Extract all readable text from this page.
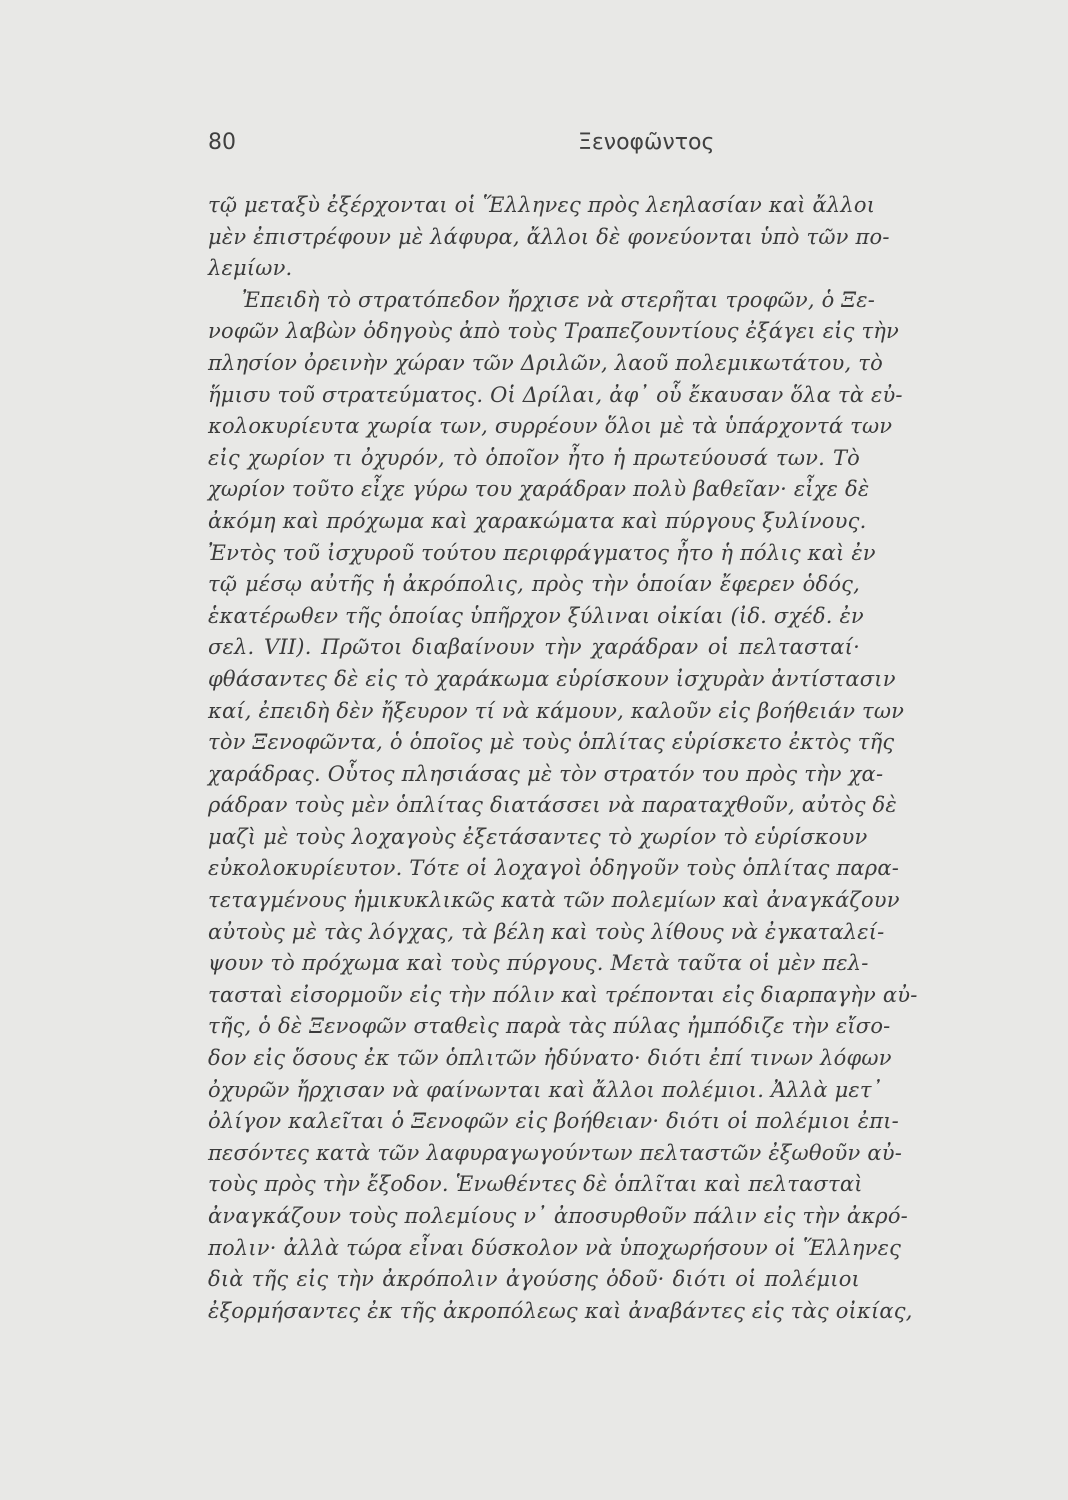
80	Ξενοφῶντος
τῷ μεταξὺ ἐξέρχονται οἱ Ἕλληνες πρὸς λεηλασίαν καὶ ἄλλοι
μὲν ἐπιστρέφουν μὲ λάφυρα, ἄλλοι δὲ φονεύονται ὑπὸ τῶν πο-
λεμίων.
Ἐπειδὴ τὸ στρατόπεδον ἤρχισε νὰ στερῆται τροφῶν, ὁ Ξε-
νοφῶν λαβὼν ὁδηγοὺς ἀπὸ τοὺς Τραπεζουντίους ἐξάγει εἰς τὴν
πλησίον ὀρεινὴν χώραν τῶν Δριλῶν, λαοῦ πολεμικωτάτου, τὸ
ἥμισυ τοῦ στρατεύματος. Οἱ Δρίλαι, ἀφ᾿ οὗ ἔκαυσαν ὅλα τὰ εὐ-
κολοκυρίευτα χωρία των, συρρέουν ὅλοι μὲ τὰ ὑπάρχοντά των
εἰς χωρίον τι ὀχυρόν, τὸ ὁποῖον ἦτο ἡ πρωτεύουσά των. Τὸ
χωρίον τοῦτο εἶχε γύρω του χαράδραν πολὺ βαθεῖαν· εἶχε δὲ
ἀκόμη καὶ πρόχωμα καὶ χαρακώματα καὶ πύργους ξυλίνους.
Ἐντὸς τοῦ ἰσχυροῦ τούτου περιφράγματος ἦτο ἡ πόλις καὶ ἐν
τῷ μέσῳ αὐτῆς ἡ ἀκρόπολις, πρὸς τὴν ὁποίαν ἔφερεν ὁδός,
ἑκατέρωθεν τῆς ὁποίας ὑπῆρχον ξύλιναι οἰκίαι (ἰδ. σχέδ. ἐν
σελ. VII). Πρῶτοι διαβαίνουν τὴν χαράδραν οἱ πελτασταί·
φθάσαντες δὲ εἰς τὸ χαράκωμα εὑρίσκουν ἰσχυρὰν ἀντίστασιν
καί, ἐπειδὴ δὲν ἤξευρον τί νὰ κάμουν, καλοῦν εἰς βοήθειάν των
τὸν Ξενοφῶντα, ὁ ὁποῖος μὲ τοὺς ὁπλίτας εὑρίσκετο ἐκτὸς τῆς
χαράδρας. Οὗτος πλησιάσας μὲ τὸν στρατόν του πρὸς τὴν χα-
ράδραν τοὺς μὲν ὁπλίτας διατάσσει νὰ παραταχθοῦν, αὐτὸς δὲ
μαζὶ μὲ τοὺς λοχαγοὺς ἐξετάσαντες τὸ χωρίον τὸ εὑρίσκουν
εὐκολοκυρίευτον. Τότε οἱ λοχαγοὶ ὁδηγοῦν τοὺς ὁπλίτας παρα-
τεταγμένους ἡμικυκλικῶς κατὰ τῶν πολεμίων καὶ ἀναγκάζουν
αὐτοὺς μὲ τὰς λόγχας, τὰ βέλη καὶ τοὺς λίθους νὰ ἐγκαταλεί-
ψουν τὸ πρόχωμα καὶ τοὺς πύργους. Μετὰ ταῦτα οἱ μὲν πελ-
τασταὶ εἰσορμοῦν εἰς τὴν πόλιν καὶ τρέπονται εἰς διαρπαγὴν αὐ-
τῆς, ὁ δὲ Ξενοφῶν σταθεὶς παρὰ τὰς πύλας ἠμπόδιζε τὴν εἴσο-
δον εἰς ὅσους ἐκ τῶν ὁπλιτῶν ἠδύνατο· διότι ἐπί τινων λόφων
ὀχυρῶν ἤρχισαν νὰ φαίνωνται καὶ ἄλλοι πολέμιοι. Ἀλλὰ μετ᾿
ὀλίγον καλεῖται ὁ Ξενοφῶν εἰς βοήθειαν· διότι οἱ πολέμιοι ἐπι-
πεσόντες κατὰ τῶν λαφυραγωγούντων πελταστῶν ἐξωθοῦν αὐ-
τοὺς πρὸς τὴν ἔξοδον. Ἑνωθέντες δὲ ὁπλῖται καὶ πελτασταὶ
ἀναγκάζουν τοὺς πολεμίους ν᾿ ἀποσυρθοῦν πάλιν εἰς τὴν ἀκρό-
πολιν· ἀλλὰ τώρα εἶναι δύσκολον νὰ ὑποχωρήσουν οἱ Ἕλληνες
διὰ τῆς εἰς τὴν ἀκρόπολιν ἀγούσης ὁδοῦ· διότι οἱ πολέμιοι
ἐξορμήσαντες ἐκ τῆς ἀκροπόλεως καὶ ἀναβάντες εἰς τὰς οἰκίας,
